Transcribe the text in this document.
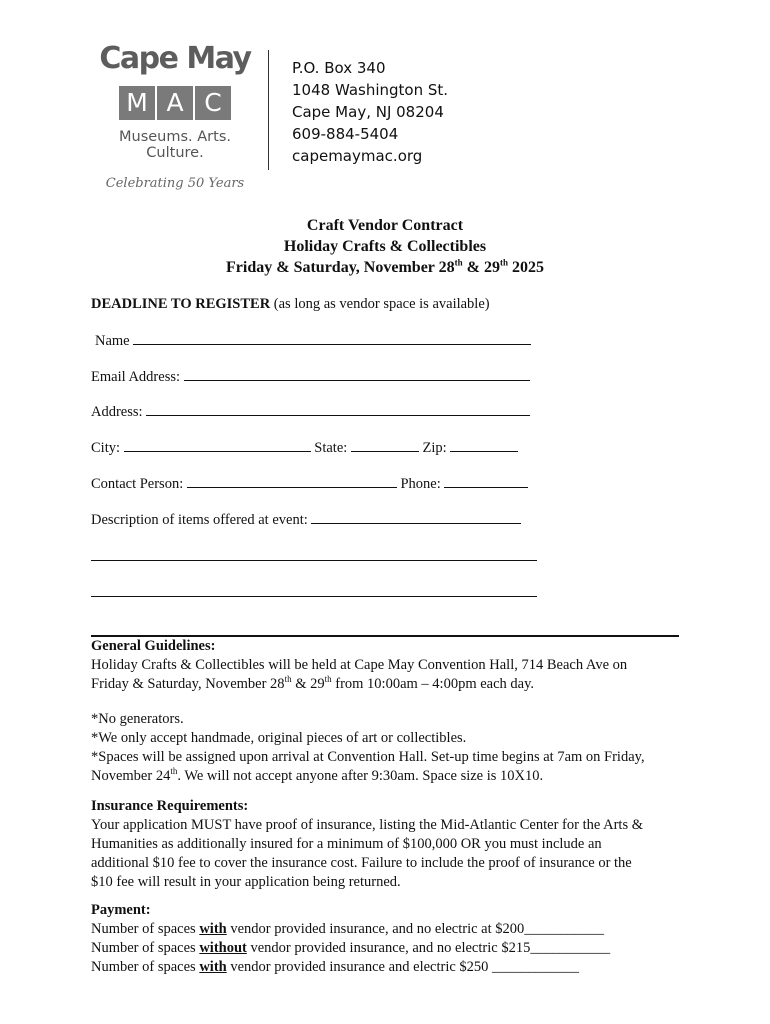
Cape May
M A C
Museums. Arts. Culture.
Celebrating 50 Years
P.O. Box 340
1048 Washington St.
Cape May, NJ 08204
609-884-5404
capemaymac.org
Craft Vendor Contract
Holiday Crafts & Collectibles
Friday & Saturday, November 28th & 29th 2025
DEADLINE TO REGISTER (as long as vendor space is available)
Name
Email Address:
Address:
City:	State:	Zip:
Contact Person:	Phone:
Description of items offered at event:

General Guidelines:

Holiday Crafts & Collectibles will be held at Cape May Convention Hall, 714 Beach Ave on
Friday & Saturday, November 28th & 29th from 10:00am – 4:00pm each day.

*No generators.

*We only accept handmade, original pieces of art or collectibles.

*Spaces will be assigned upon arrival at Convention Hall. Set-up time begins at 7am on Friday,
November 24th. We will not accept anyone after 9:30am. Space size is 10X10.

Insurance Requirements:

Your application MUST have proof of insurance, listing the Mid-Atlantic Center for the Arts &

Humanities as additionally insured for a minimum of $100,000 OR you must include an

additional $10 fee to cover the insurance cost. Failure to include the proof of insurance or the

$10 fee will result in your application being returned.

Payment:

Number of spaces with vendor provided insurance, and no electric at $200___________

Number of spaces without vendor provided insurance, and no electric $215___________

Number of spaces with vendor provided insurance and electric $250 ____________
